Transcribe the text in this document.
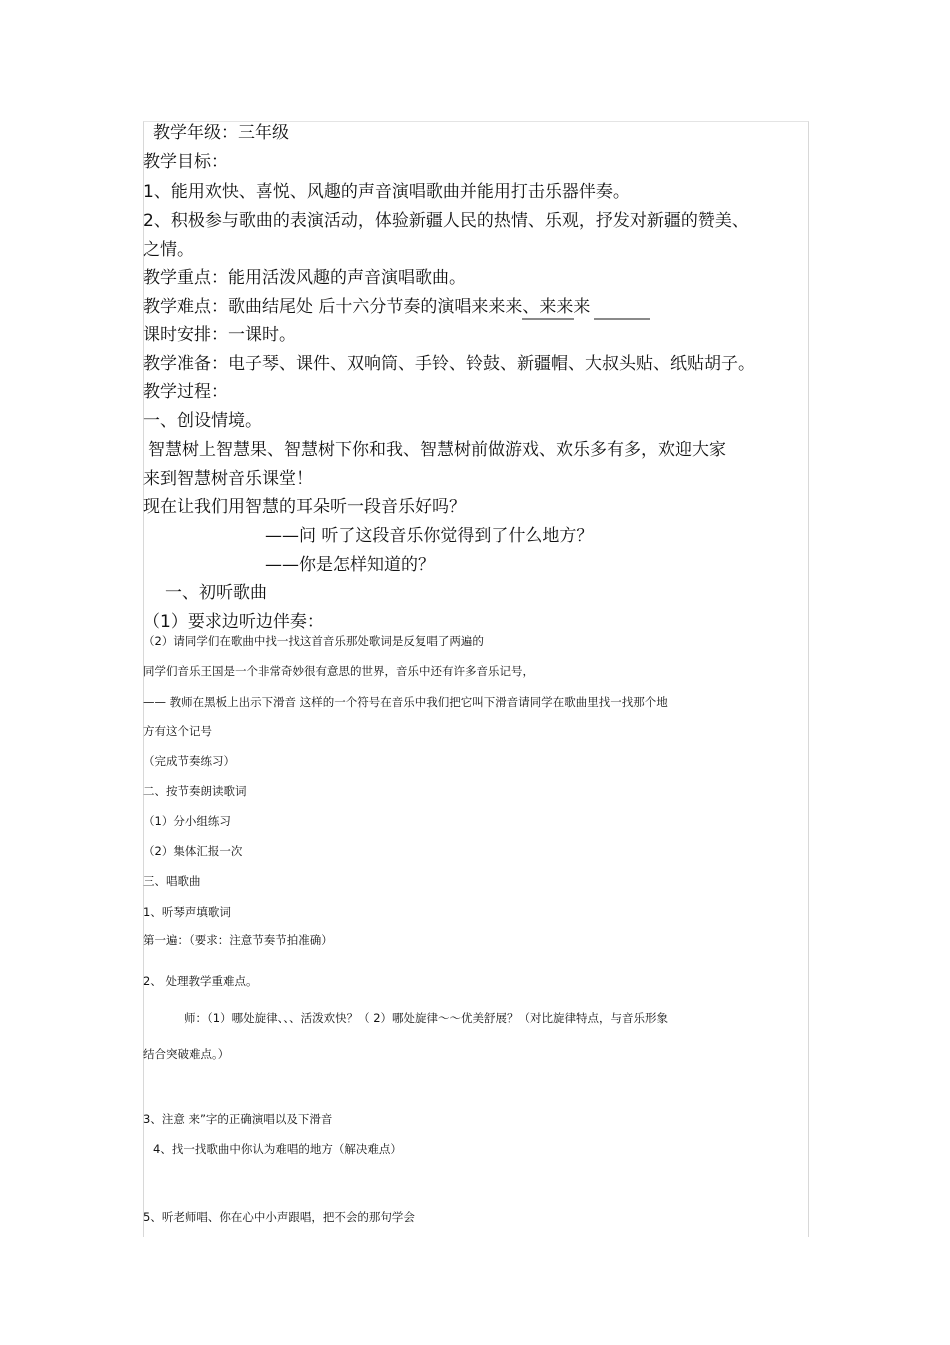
教学年级：三年级
教学目标：
1、能用欢快、喜悦、风趣的声音演唱歌曲并能用打击乐器伴奏。
2、积极参与歌曲的表演活动，体验新疆人民的热情、乐观，抒发对新疆的赞美、
之情。
教学重点：能用活泼风趣的声音演唱歌曲。
教学难点：歌曲结尾处 后十六分节奏的演唱来来来、来来来
课时安排：一课时。
教学准备：电子琴、课件、双响筒、手铃、铃鼓、新疆帽、大叔头贴、纸贴胡子。
教学过程：
一、创设情境。
智慧树上智慧果、智慧树下你和我、智慧树前做游戏、欢乐多有多，欢迎大家
来到智慧树音乐课堂！
现在让我们用智慧的耳朵听一段音乐好吗？
——问 听了这段音乐你觉得到了什么地方？
——你是怎样知道的？
一、初听歌曲
（1）要求边听边伴奏：
（2）请同学们在歌曲中找一找这首音乐那处歌词是反复唱了两遍的
同学们音乐王国是一个非常奇妙很有意思的世界，音乐中还有许多音乐记号，
—— 教师在黑板上出示下滑音 这样的一个符号在音乐中我们把它叫下滑音请同学在歌曲里找一找那个地
方有这个记号
（完成节奏练习）
二、按节奏朗读歌词
（1）分小组练习
（2）集体汇报一次
三、唱歌曲
1、听琴声填歌词
第一遍：（要求：注意节奏节拍准确）
2、 处理教学重难点。
师：（1）哪处旋律、、、活泼欢快？（ 2）哪处旋律～～优美舒展？（对比旋律特点，与音乐形象
结合突破难点。）
3、注意 来”字的正确演唱以及下滑音
4、找一找歌曲中你认为难唱的地方（解决难点）
5、听老师唱、你在心中小声跟唱，把不会的那句学会
